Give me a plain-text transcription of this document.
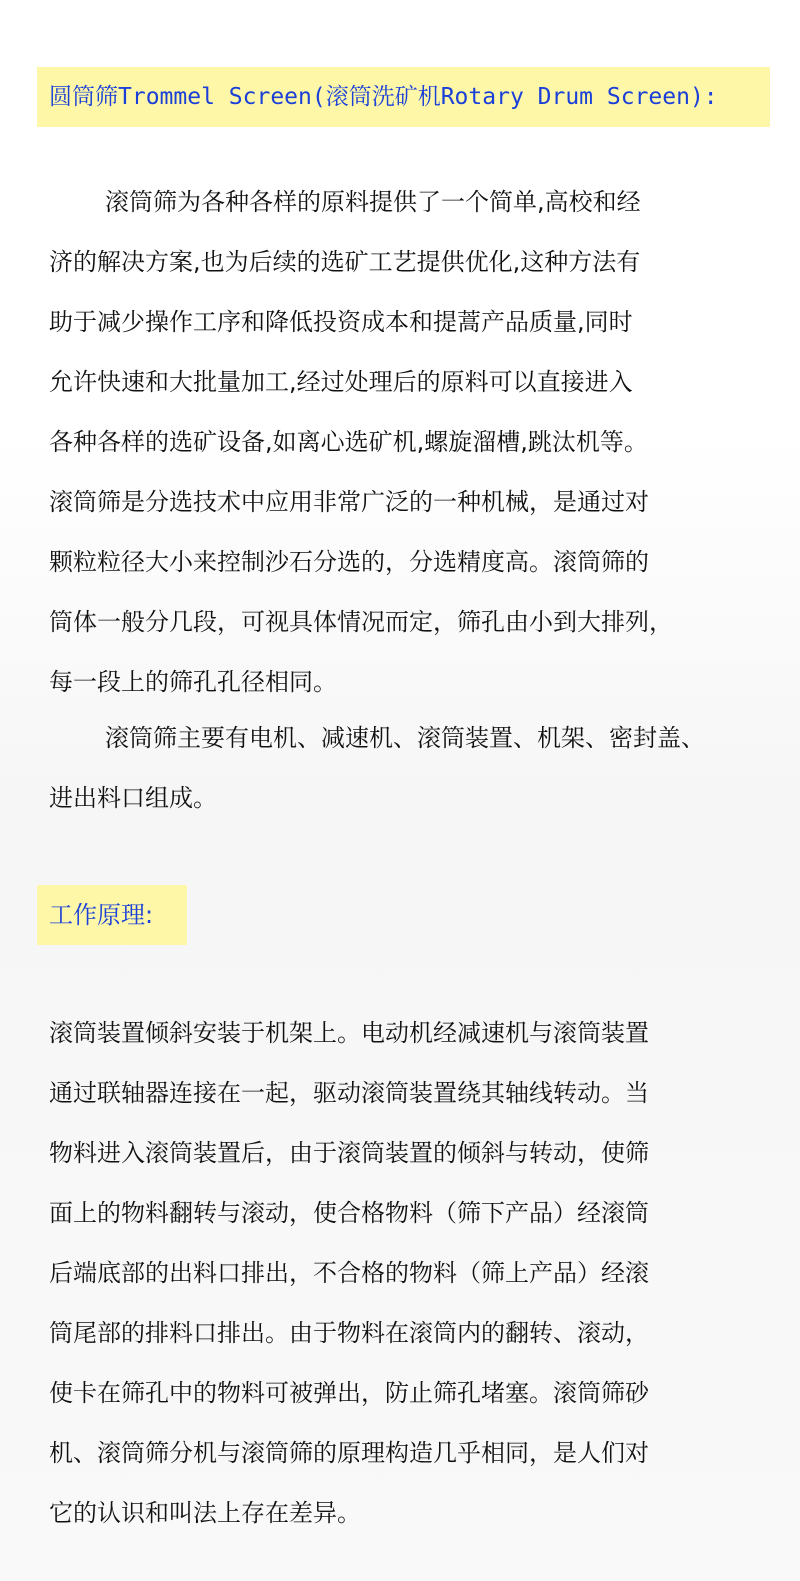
圆筒筛Trommel Screen(滚筒洗矿机Rotary Drum Screen):
滚筒筛为各种各样的原料提供了一个简单,高校和经
济的解决方案,也为后续的选矿工艺提供优化,这种方法有
助于减少操作工序和降低投资成本和提蒿产品质量,同时
允许快速和大批量加工,经过处理后的原料可以直接进入
各种各样的选矿设备,如离心选矿机,螺旋溜槽,跳汰机等。
滚筒筛是分选技术中应用非常广泛的一种机械，是通过对
颗粒粒径大小来控制沙石分选的，分选精度高。滚筒筛的
筒体一般分几段，可视具体情况而定，筛孔由小到大排列，
每一段上的筛孔孔径相同。
滚筒筛主要有电机、减速机、滚筒装置、机架、密封盖、
进出料口组成。
工作原理:
滚筒装置倾斜安装于机架上。电动机经减速机与滚筒装置
通过联轴器连接在一起，驱动滚筒装置绕其轴线转动。当
物料进入滚筒装置后，由于滚筒装置的倾斜与转动，使筛
面上的物料翻转与滚动，使合格物料（筛下产品）经滚筒
后端底部的出料口排出，不合格的物料（筛上产品）经滚
筒尾部的排料口排出。由于物料在滚筒内的翻转、滚动，
使卡在筛孔中的物料可被弹出，防止筛孔堵塞。滚筒筛砂
机、滚筒筛分机与滚筒筛的原理构造几乎相同，是人们对
它的认识和叫法上存在差异。
